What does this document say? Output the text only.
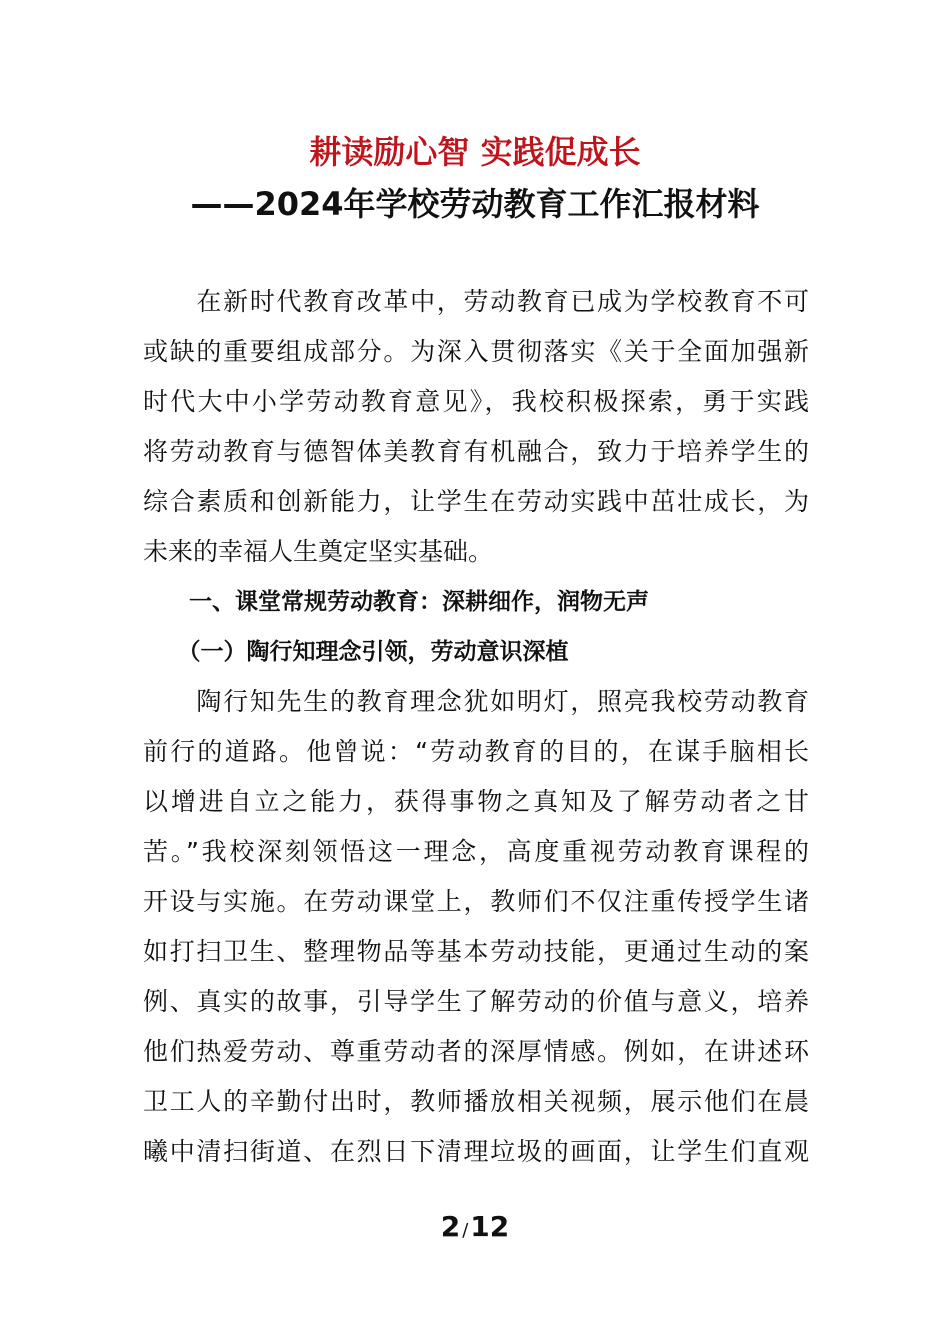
耕读励心智 实践促成长
——2024年学校劳动教育工作汇报材料
　　在新时代教育改革中，劳动教育已成为学校教育不可
或缺的重要组成部分。为深入贯彻落实《关于全面加强新
时代大中小学劳动教育意见》，我校积极探索，勇于实践
将劳动教育与德智体美教育有机融合，致力于培养学生的
综合素质和创新能力，让学生在劳动实践中茁壮成长，为
未来的幸福人生奠定坚实基础。
　　一、课堂常规劳动教育：深耕细作，润物无声
　　（一）陶行知理念引领，劳动意识深植
　　陶行知先生的教育理念犹如明灯，照亮我校劳动教育
前行的道路。他曾说：“劳动教育的目的，在谋手脑相长
以增进自立之能力，获得事物之真知及了解劳动者之甘
苦。”我校深刻领悟这一理念，高度重视劳动教育课程的
开设与实施。在劳动课堂上，教师们不仅注重传授学生诸
如打扫卫生、整理物品等基本劳动技能，更通过生动的案
例、真实的故事，引导学生了解劳动的价值与意义，培养
他们热爱劳动、尊重劳动者的深厚情感。例如，在讲述环
卫工人的辛勤付出时，教师播放相关视频，展示他们在晨
曦中清扫街道、在烈日下清理垃圾的画面，让学生们直观
2 /12
